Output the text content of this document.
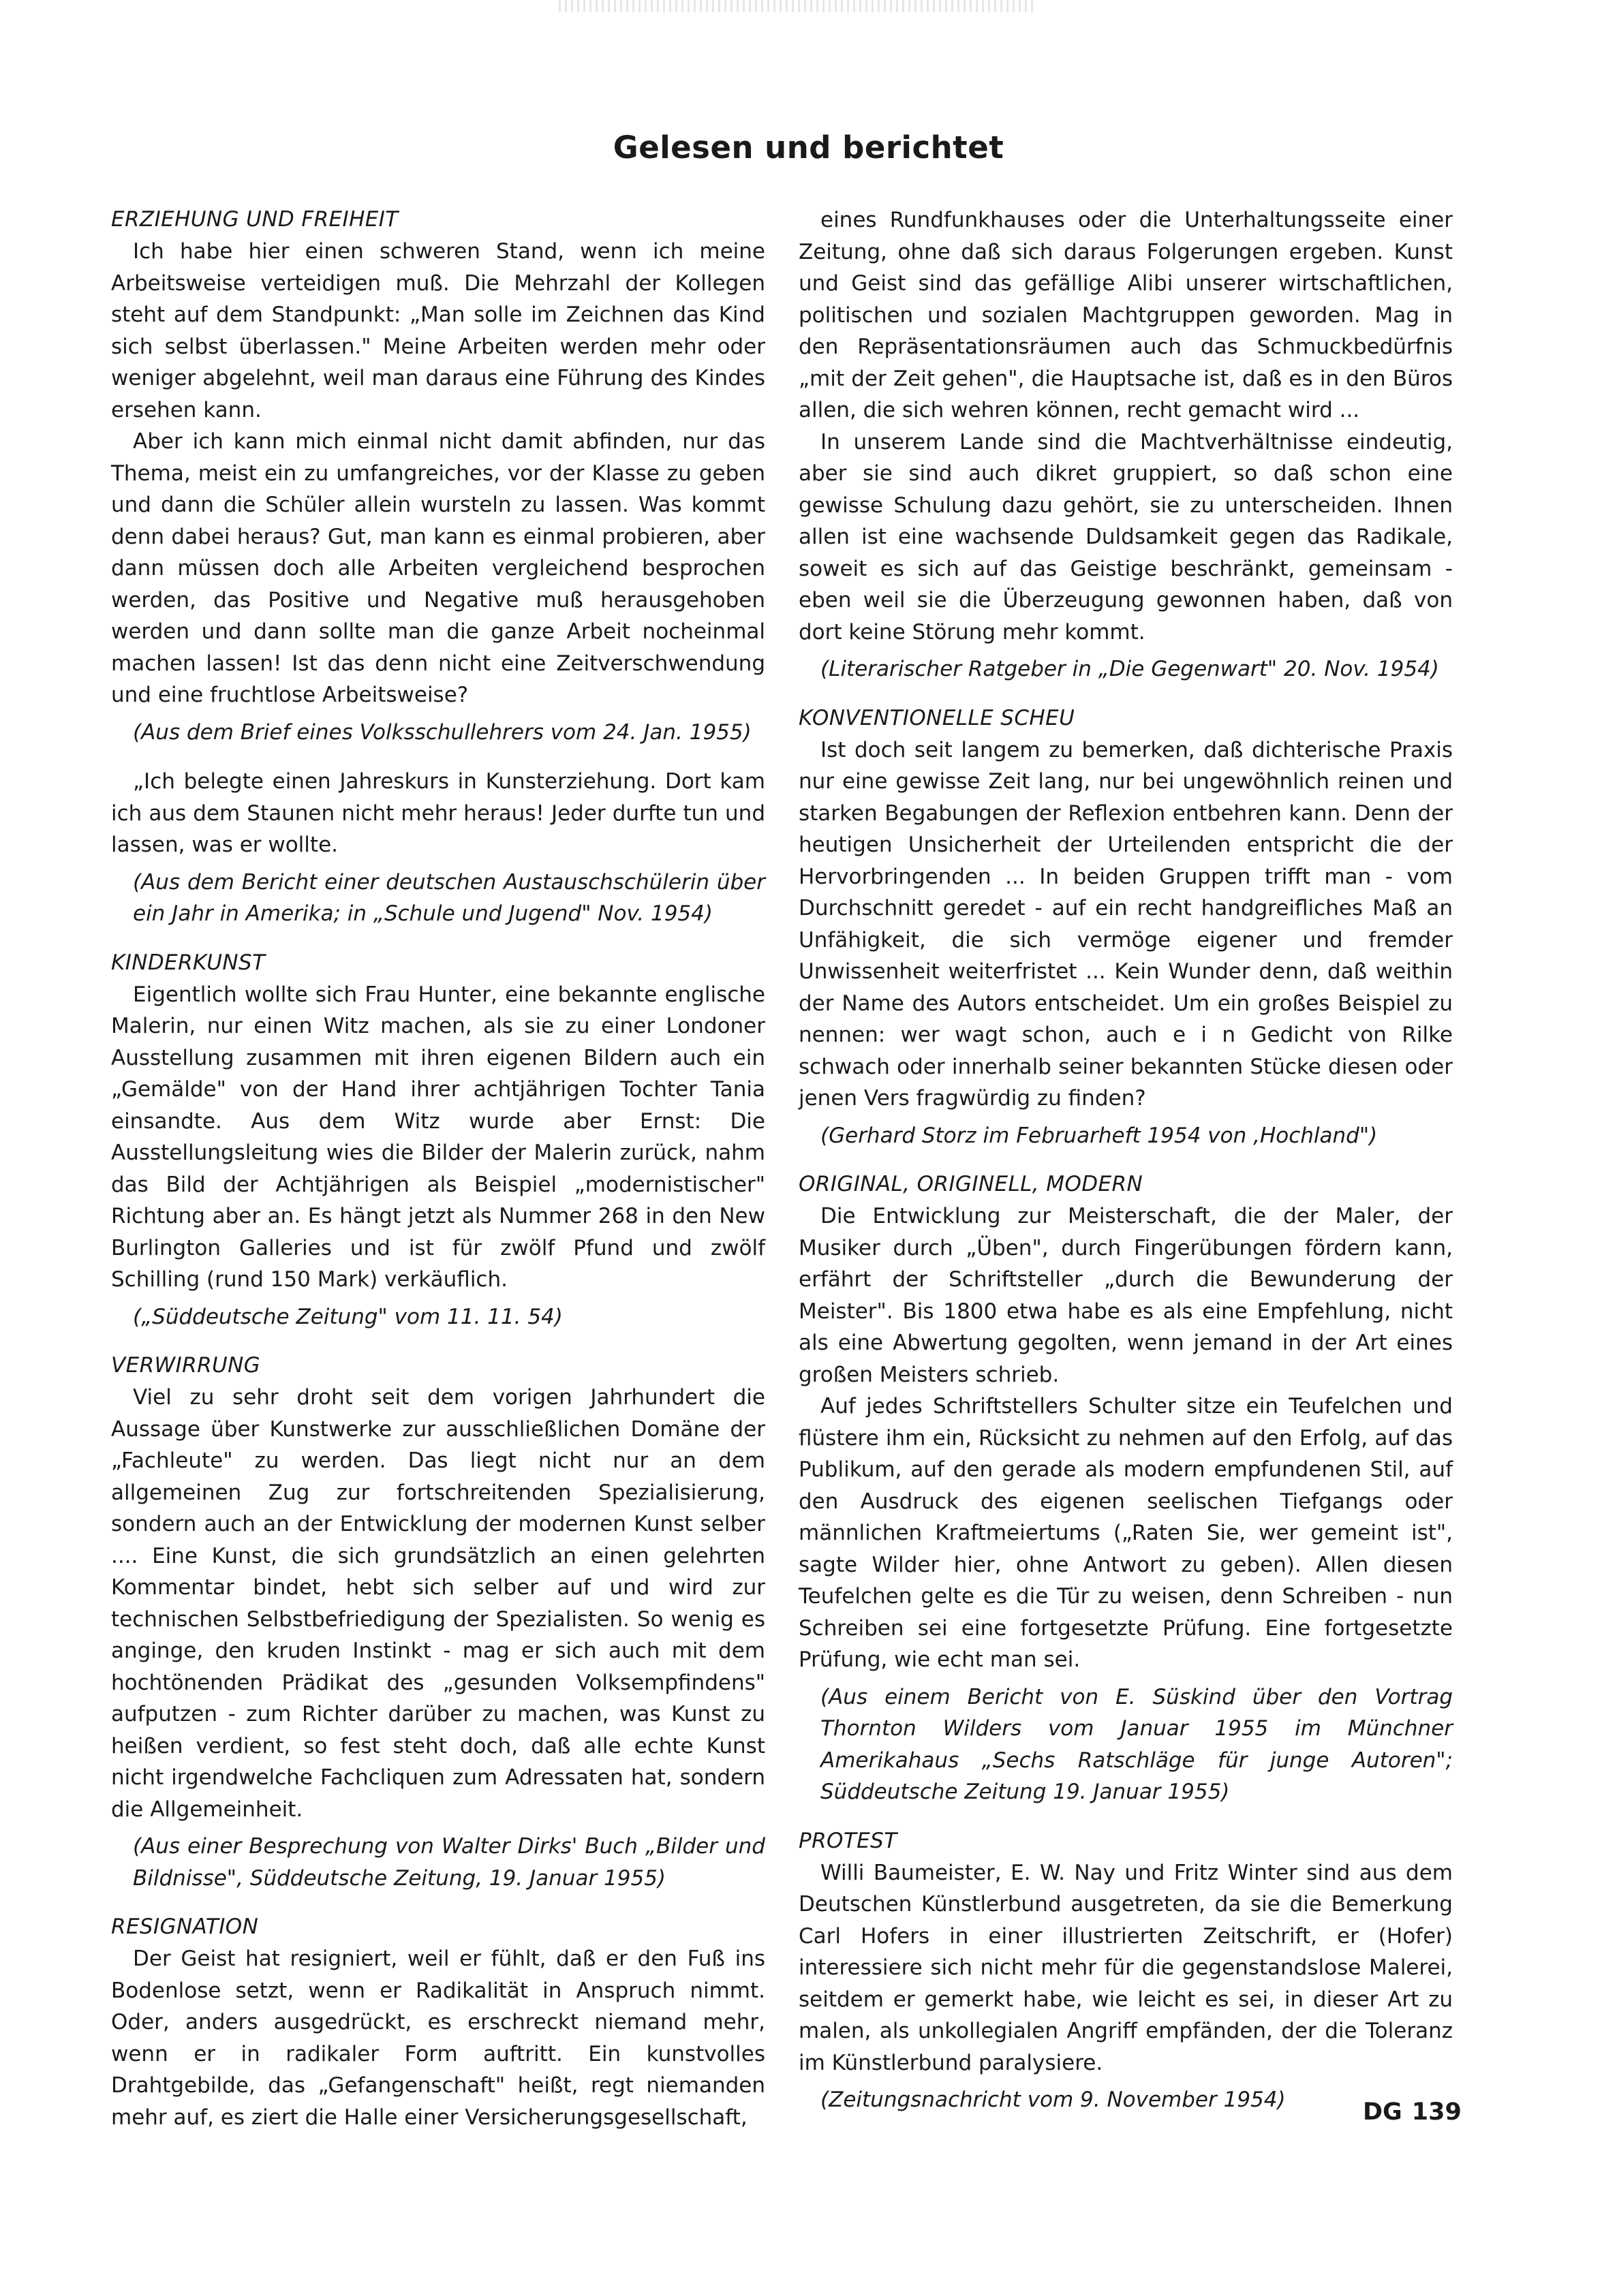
Gelesen und berichtet
ERZIEHUNG UND FREIHEIT

Ich habe hier einen schweren Stand, wenn ich meine Arbeitsweise verteidigen muß. Die Mehrzahl der Kollegen steht auf dem Standpunkt: „Man solle im Zeichnen das Kind sich selbst überlassen." Meine Arbeiten werden mehr oder weniger abgelehnt, weil man daraus eine Führung des Kindes ersehen kann.

Aber ich kann mich einmal nicht damit abfinden, nur das Thema, meist ein zu umfangreiches, vor der Klasse zu geben und dann die Schüler allein wursteln zu lassen. Was kommt denn dabei heraus? Gut, man kann es einmal probieren, aber dann müssen doch alle Arbeiten vergleichend besprochen werden, das Positive und Negative muß herausgehoben werden und dann sollte man die ganze Arbeit nocheinmal machen lassen! Ist das denn nicht eine Zeitverschwendung und eine fruchtlose Arbeitsweise?

(Aus dem Brief eines Volksschullehrers vom 24. Jan. 1955)

„Ich belegte einen Jahreskurs in Kunsterziehung. Dort kam ich aus dem Staunen nicht mehr heraus! Jeder durfte tun und lassen, was er wollte.

(Aus dem Bericht einer deutschen Austauschschülerin über ein Jahr in Amerika; in „Schule und Jugend" Nov. 1954)

KINDERKUNST

Eigentlich wollte sich Frau Hunter, eine bekannte englische Malerin, nur einen Witz machen, als sie zu einer Londoner Ausstellung zusammen mit ihren eigenen Bildern auch ein „Gemälde" von der Hand ihrer achtjährigen Tochter Tania einsandte. Aus dem Witz wurde aber Ernst: Die Ausstellungsleitung wies die Bilder der Malerin zurück, nahm das Bild der Achtjährigen als Beispiel „modernistischer" Richtung aber an. Es hängt jetzt als Nummer 268 in den New Burlington Galleries und ist für zwölf Pfund und zwölf Schilling (rund 150 Mark) verkäuflich.

(„Süddeutsche Zeitung" vom 11. 11. 54)

VERWIRRUNG

Viel zu sehr droht seit dem vorigen Jahrhundert die Aussage über Kunstwerke zur ausschließlichen Domäne der „Fachleute" zu werden. Das liegt nicht nur an dem allgemeinen Zug zur fortschreitenden Spezialisierung, sondern auch an der Entwicklung der modernen Kunst selber .... Eine Kunst, die sich grundsätzlich an einen gelehrten Kommentar bindet, hebt sich selber auf und wird zur technischen Selbstbefriedigung der Spezialisten. So wenig es anginge, den kruden Instinkt - mag er sich auch mit dem hochtönenden Prädikat des „gesunden Volksempfindens" aufputzen - zum Richter darüber zu machen, was Kunst zu heißen verdient, so fest steht doch, daß alle echte Kunst nicht irgendwelche Fachcliquen zum Adressaten hat, sondern die Allgemeinheit.

(Aus einer Besprechung von Walter Dirks' Buch „Bilder und Bildnisse", Süddeutsche Zeitung, 19. Januar 1955)

RESIGNATION

Der Geist hat resigniert, weil er fühlt, daß er den Fuß ins Bodenlose setzt, wenn er Radikalität in Anspruch nimmt. Oder, anders ausgedrückt, es erschreckt niemand mehr, wenn er in radikaler Form auftritt. Ein kunstvolles Drahtgebilde, das „Gefangenschaft" heißt, regt niemanden mehr auf, es ziert die Halle einer Versicherungsgesellschaft,

eines Rundfunkhauses oder die Unterhaltungsseite einer Zeitung, ohne daß sich daraus Folgerungen ergeben. Kunst und Geist sind das gefällige Alibi unserer wirtschaftlichen, politischen und sozialen Machtgruppen geworden. Mag in den Repräsentationsräumen auch das Schmuckbedürfnis „mit der Zeit gehen", die Hauptsache ist, daß es in den Büros allen, die sich wehren können, recht gemacht wird ...

In unserem Lande sind die Machtverhältnisse eindeutig, aber sie sind auch dikret gruppiert, so daß schon eine gewisse Schulung dazu gehört, sie zu unterscheiden. Ihnen allen ist eine wachsende Duldsamkeit gegen das Radikale, soweit es sich auf das Geistige beschränkt, gemeinsam - eben weil sie die Überzeugung gewonnen haben, daß von dort keine Störung mehr kommt.

(Literarischer Ratgeber in „Die Gegenwart" 20. Nov. 1954)

KONVENTIONELLE SCHEU

Ist doch seit langem zu bemerken, daß dichterische Praxis nur eine gewisse Zeit lang, nur bei ungewöhnlich reinen und starken Begabungen der Reflexion entbehren kann. Denn der heutigen Unsicherheit der Urteilenden entspricht die der Hervorbringenden ... In beiden Gruppen trifft man - vom Durchschnitt geredet - auf ein recht handgreifliches Maß an Unfähigkeit, die sich vermöge eigener und fremder Unwissenheit weiterfristet ... Kein Wunder denn, daß weithin der Name des Autors entscheidet. Um ein großes Beispiel zu nennen: wer wagt schon, auch e i n Gedicht von Rilke schwach oder innerhalb seiner bekannten Stücke diesen oder jenen Vers fragwürdig zu finden?

(Gerhard Storz im Februarheft 1954 von ‚Hochland")

ORIGINAL, ORIGINELL, MODERN

Die Entwicklung zur Meisterschaft, die der Maler, der Musiker durch „Üben", durch Fingerübungen fördern kann, erfährt der Schriftsteller „durch die Bewunderung der Meister". Bis 1800 etwa habe es als eine Empfehlung, nicht als eine Abwertung gegolten, wenn jemand in der Art eines großen Meisters schrieb.

Auf jedes Schriftstellers Schulter sitze ein Teufelchen und flüstere ihm ein, Rücksicht zu nehmen auf den Erfolg, auf das Publikum, auf den gerade als modern empfundenen Stil, auf den Ausdruck des eigenen seelischen Tiefgangs oder männlichen Kraftmeiertums („Raten Sie, wer gemeint ist", sagte Wilder hier, ohne Antwort zu geben). Allen diesen Teufelchen gelte es die Tür zu weisen, denn Schreiben - nun Schreiben sei eine fortgesetzte Prüfung. Eine fortgesetzte Prüfung, wie echt man sei.

(Aus einem Bericht von E. Süskind über den Vortrag Thornton Wilders vom Januar 1955 im Münchner Amerikahaus „Sechs Ratschläge für junge Autoren"; Süddeutsche Zeitung 19. Januar 1955)

PROTEST

Willi Baumeister, E. W. Nay und Fritz Winter sind aus dem Deutschen Künstlerbund ausgetreten, da sie die Bemerkung Carl Hofers in einer illustrierten Zeitschrift, er (Hofer) interessiere sich nicht mehr für die gegenstandslose Malerei, seitdem er gemerkt habe, wie leicht es sei, in dieser Art zu malen, als unkollegialen Angriff empfänden, der die Toleranz im Künstlerbund paralysiere.

(Zeitungsnachricht vom 9. November 1954)	DG 139
